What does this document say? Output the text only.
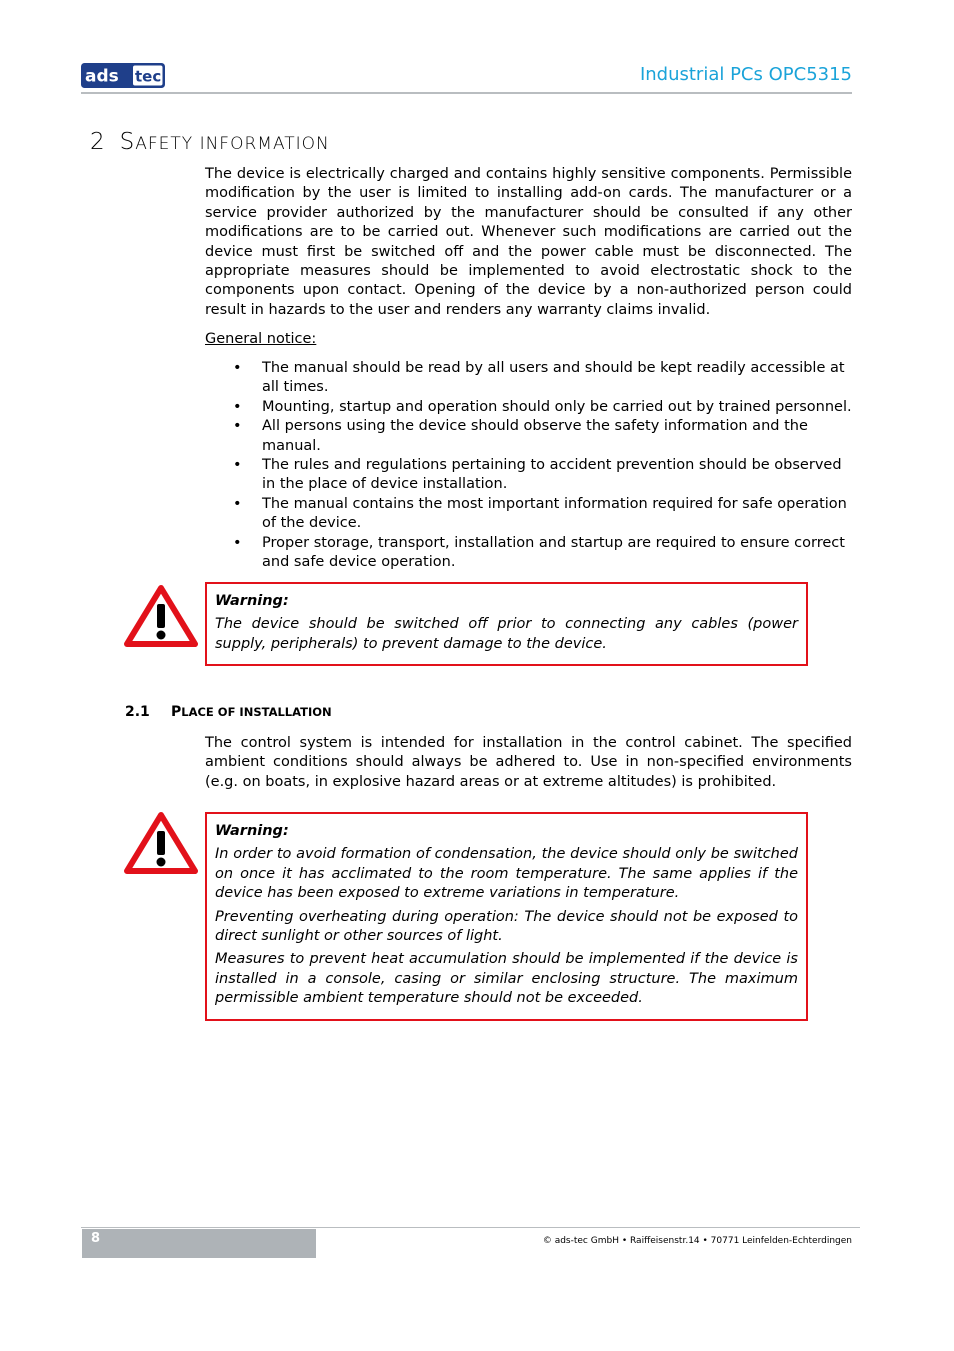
ads tec	Industrial PCs OPC5315
2 SAFETY INFORMATION
The device is electrically charged and contains highly sensitive components. Permissible modification by the user is limited to installing add-on cards. The manufacturer or a service provider authorized by the manufacturer should be consulted if any other modifications are to be carried out. Whenever such modifications are carried out the device must first be switched off and the power cable must be disconnected. The appropriate measures should be implemented to avoid electrostatic shock to the components upon contact. Opening of the device by a non-authorized person could result in hazards to the user and renders any warranty claims invalid.
General notice:
• The manual should be read by all users and should be kept readily accessible at all times.
• Mounting, startup and operation should only be carried out by trained personnel.
• All persons using the device should observe the safety information and the manual.
• The rules and regulations pertaining to accident prevention should be observed in the place of device installation.
• The manual contains the most important information required for safe operation of the device.
• Proper storage, transport, installation and startup are required to ensure correct and safe device operation.
Warning:

The device should be switched off prior to connecting any cables (power supply, peripherals) to prevent damage to the device.

2.1 PLACE OF INSTALLATION
The control system is intended for installation in the control cabinet. The specified ambient conditions should always be adhered to. Use in non-specified environments (e.g. on boats, in explosive hazard areas or at extreme altitudes) is prohibited.
Warning:

In order to avoid formation of condensation, the device should only be switched on once it has acclimated to the room temperature. The same applies if the device has been exposed to extreme variations in temperature.

Preventing overheating during operation: The device should not be exposed to direct sunlight or other sources of light.

Measures to prevent heat accumulation should be implemented if the device is installed in a console, casing or similar enclosing structure. The maximum permissible ambient temperature should not be exceeded.

8	© ads-tec GmbH • Raiffeisenstr.14 • 70771 Leinfelden-Echterdingen
